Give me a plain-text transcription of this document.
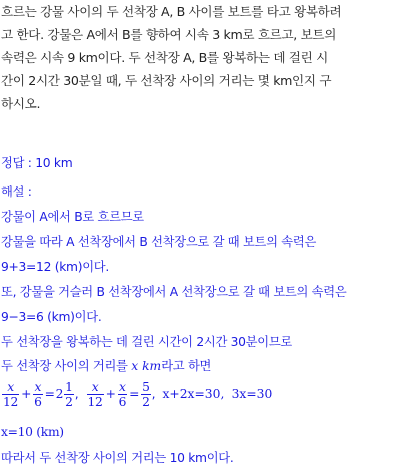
흐르는 강물 사이의 두 선착장 A, B 사이를 보트를 타고 왕복하려
고 한다. 강물은 A에서 B를 향하여 시속 3 km로 흐르고, 보트의
속력은 시속 9 km이다. 두 선착장 A, B를 왕복하는 데 걸린 시
간이 2시간 30분일 때, 두 선착장 사이의 거리는 몇 km인지 구
하시오.
정답 : 10 km
해설 :
강물이 A에서 B로 흐르므로
강물을 따라 A 선착장에서 B 선착장으로 갈 때 보트의 속력은
9+3=12 (km)이다.
또, 강물을 거슬러 B 선착장에서 A 선착장으로 갈 때 보트의 속력은
9−3=6 (km)이다.
두 선착장을 왕복하는 데 걸린 시간이 2시간 30분이므로
두 선착장 사이의 거리를 x km라고 하면
$\frac{x}{12} + \frac{x}{6} =2 \frac{1}{2}$ , $\frac{x}{12} + \frac{x}{6} = \frac{5}{2}$ , x+2x=30, 3x=30
x=10 (km)
따라서 두 선착장 사이의 거리는 10 km이다.
